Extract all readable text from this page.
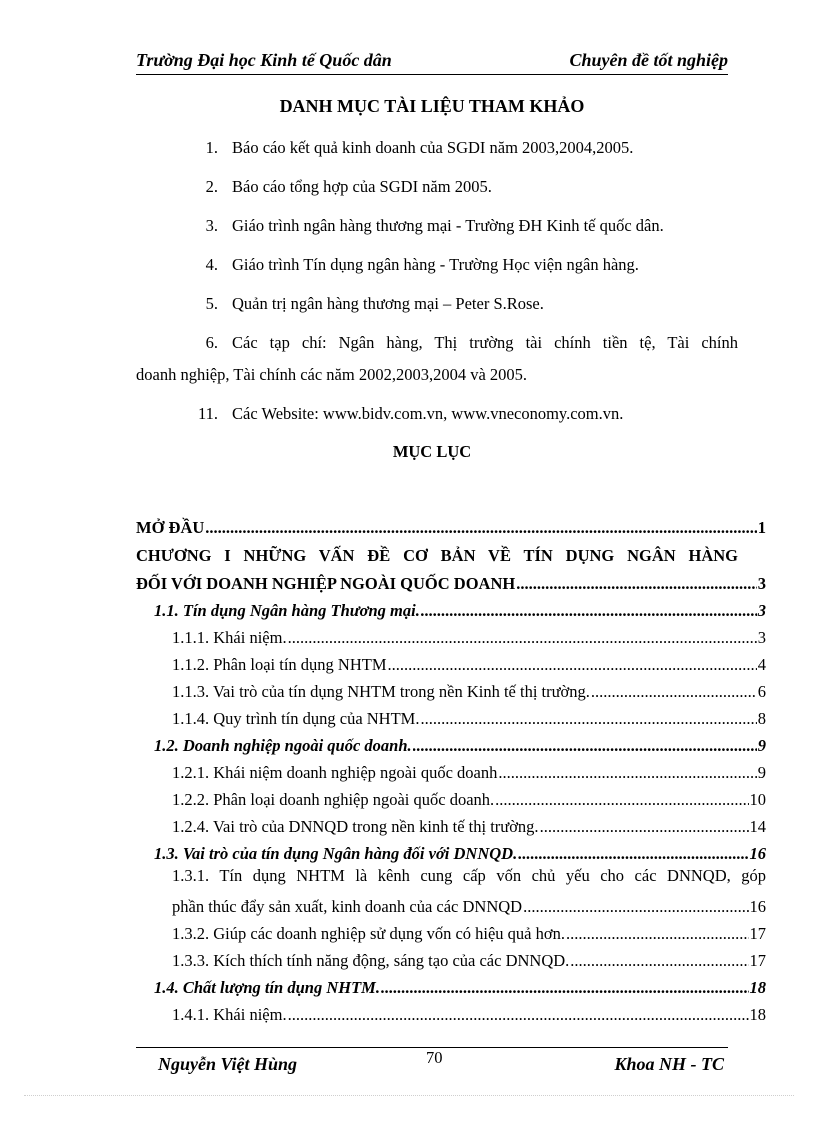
Trường Đại học Kinh tế Quốc dân	Chuyên đề tốt nghiệp
DANH MỤC TÀI LIỆU THAM KHẢO
1. Báo cáo kết quả kinh doanh của SGDI năm 2003,2004,2005.
2. Báo cáo tổng hợp của SGDI năm 2005.
3. Giáo trình ngân hàng thương mại - Trường ĐH Kinh tế quốc dân.
4. Giáo trình Tín dụng ngân hàng - Trường Học viện ngân hàng.
5. Quản trị ngân hàng thương mại – Peter S.Rose.
6. Các tạp chí: Ngân hàng, Thị trường tài chính tiền tệ, Tài chính
doanh nghiệp, Tài chính các năm 2002,2003,2004 và 2005.
11. Các Website: www.bidv.com.vn, www.vneconomy.com.vn.
MỤC LỤC
MỞ ĐẦU .....	1
CHƯƠNG I NHỮNG VẤN ĐỀ CƠ BẢN VỀ TÍN DỤNG NGÂN HÀNG
ĐỐI VỚI DOANH NGHIỆP NGOÀI QUỐC DOANH .....	3
1.1. Tín dụng Ngân hàng Thương mại. .....	3
1.1.1. Khái niệm. .....	3
1.1.2. Phân loại tín dụng NHTM .....	4
1.1.3. Vai trò của tín dụng NHTM trong nền Kinh tế thị trường. .....	6
1.1.4. Quy trình tín dụng của NHTM. .....	8
1.2. Doanh nghiệp ngoài quốc doanh. .....	9
1.2.1. Khái niệm doanh nghiệp ngoài quốc doanh .....	9
1.2.2. Phân loại doanh nghiệp ngoài quốc doanh. .....	10
1.2.4. Vai trò của DNNQD trong nền kinh tế thị trường. .....	14
1.3. Vai trò của tín dụng Ngân hàng đối với DNNQD. .....	16
1.3.1. Tín dụng NHTM là kênh cung cấp vốn chủ yếu cho các DNNQD, góp
phần thúc đẩy sản xuất, kinh doanh của các DNNQD .....	16
1.3.2. Giúp các doanh nghiệp sử dụng vốn có hiệu quả hơn. .....	17
1.3.3. Kích thích tính năng động, sáng tạo của các DNNQD. .....	17
1.4. Chất lượng tín dụng NHTM. .....	18
1.4.1. Khái niệm. .....	18
Nguyễn Việt Hùng	70	Khoa NH - TC
